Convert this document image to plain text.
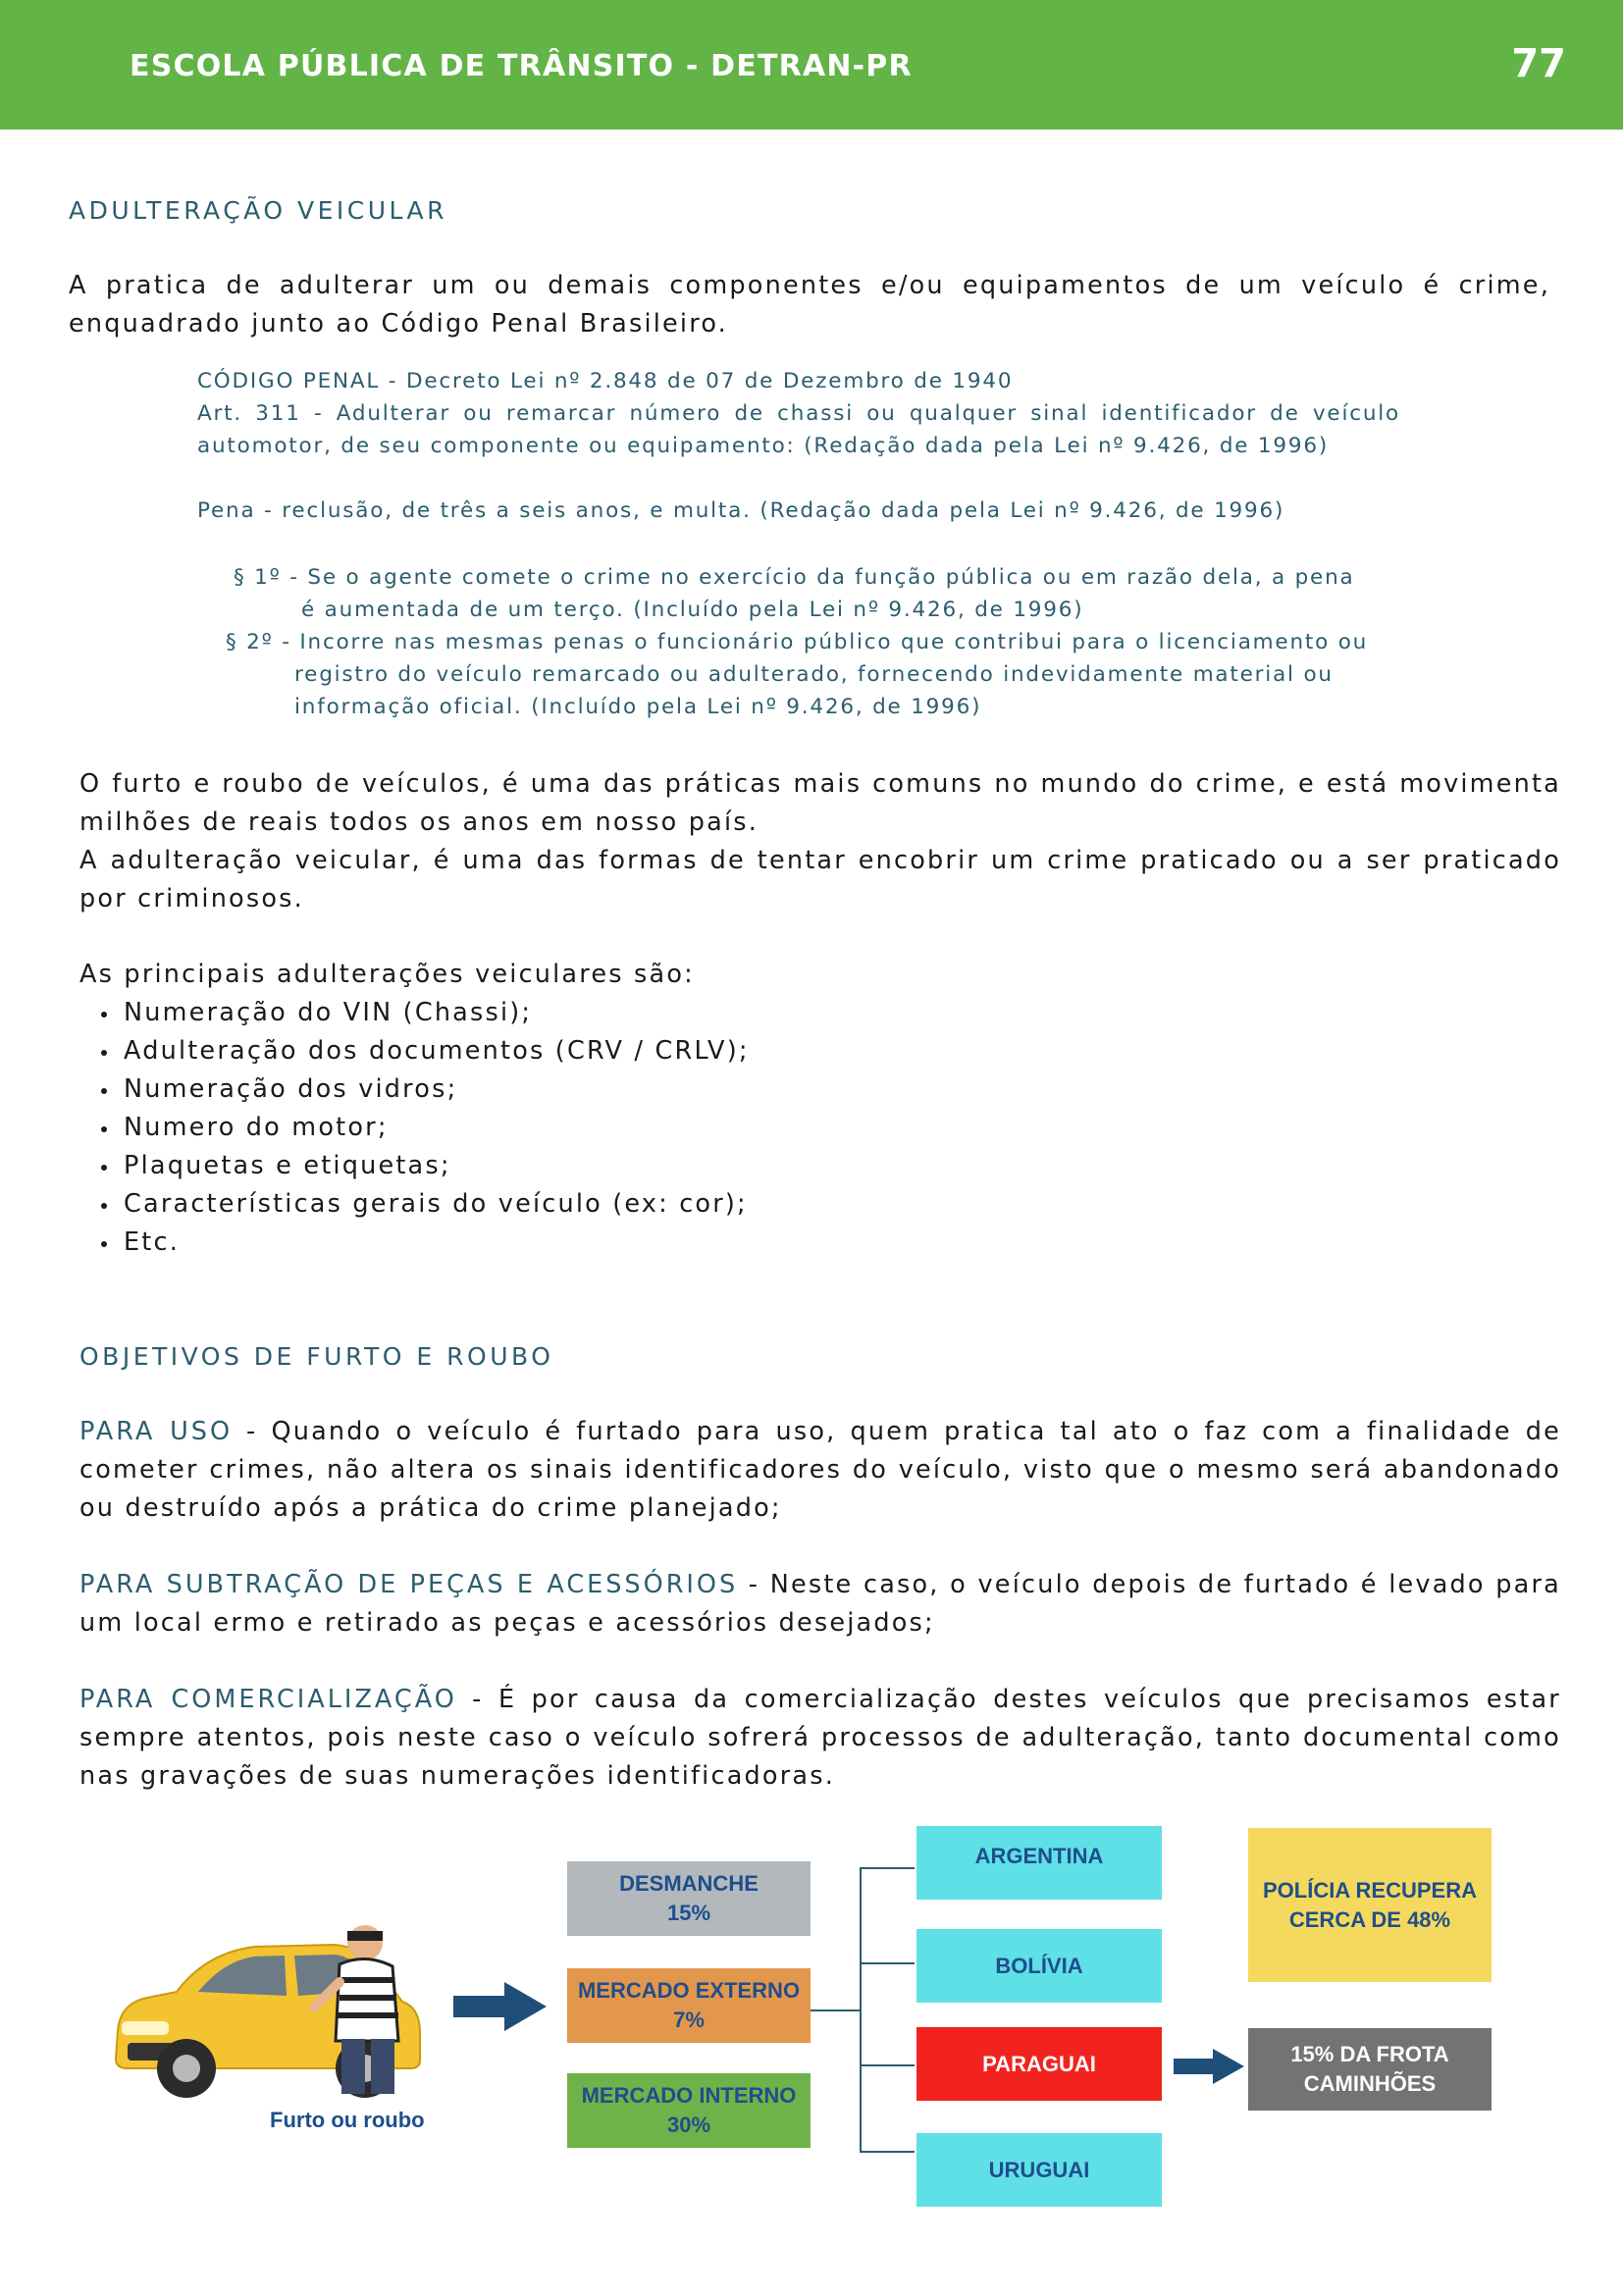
ESCOLA PÚBLICA DE TRÂNSITO - DETRAN-PR	77
ADULTERAÇÃO VEICULAR
A pratica de adulterar um ou demais componentes e/ou equipamentos de um veículo é crime,
enquadrado junto ao Código Penal Brasileiro.
CÓDIGO PENAL - Decreto Lei nº 2.848 de 07 de Dezembro de 1940
Art. 311 - Adulterar ou remarcar número de chassi ou qualquer sinal identificador de veículo
automotor, de seu componente ou equipamento: (Redação dada pela Lei nº 9.426, de 1996)
Pena - reclusão, de três a seis anos, e multa. (Redação dada pela Lei nº 9.426, de 1996)
§ 1º - Se o agente comete o crime no exercício da função pública ou em razão dela, a pena
é aumentada de um terço. (Incluído pela Lei nº 9.426, de 1996)
§ 2º - Incorre nas mesmas penas o funcionário público que contribui para o licenciamento ou
registro do veículo remarcado ou adulterado, fornecendo indevidamente material ou
informação oficial. (Incluído pela Lei nº 9.426, de 1996)
O furto e roubo de veículos, é uma das práticas mais comuns no mundo do crime, e está movimenta
milhões de reais todos os anos em nosso país.
A adulteração veicular, é uma das formas de tentar encobrir um crime praticado ou a ser praticado
por criminosos.
As principais adulterações veiculares são:
• Numeração do VIN (Chassi);
• Adulteração dos documentos (CRV / CRLV);
• Numeração dos vidros;
• Numero do motor;
• Plaquetas e etiquetas;
• Características gerais do veículo (ex: cor);
• Etc.
OBJETIVOS DE FURTO E ROUBO
PARA USO - Quando o veículo é furtado para uso, quem pratica tal ato o faz com a finalidade de
cometer crimes, não altera os sinais identificadores do veículo, visto que o mesmo será abandonado
ou destruído após a prática do crime planejado;
PARA SUBTRAÇÃO DE PEÇAS E ACESSÓRIOS - Neste caso, o veículo depois de furtado é levado para
um local ermo e retirado as peças e acessórios desejados;
PARA COMERCIALIZAÇÃO - É por causa da comercialização destes veículos que precisamos estar
sempre atentos, pois neste caso o veículo sofrerá processos de adulteração, tanto documental como
nas gravações de suas numerações identificadoras.
Furto ou roubo
DESMANCHE
15%
MERCADO EXTERNO
7%
MERCADO INTERNO
30%
ARGENTINA
BOLÍVIA
PARAGUAI
URUGUAI
POLÍCIA RECUPERA
CERCA DE 48%
15% DA FROTA
CAMINHÕES
